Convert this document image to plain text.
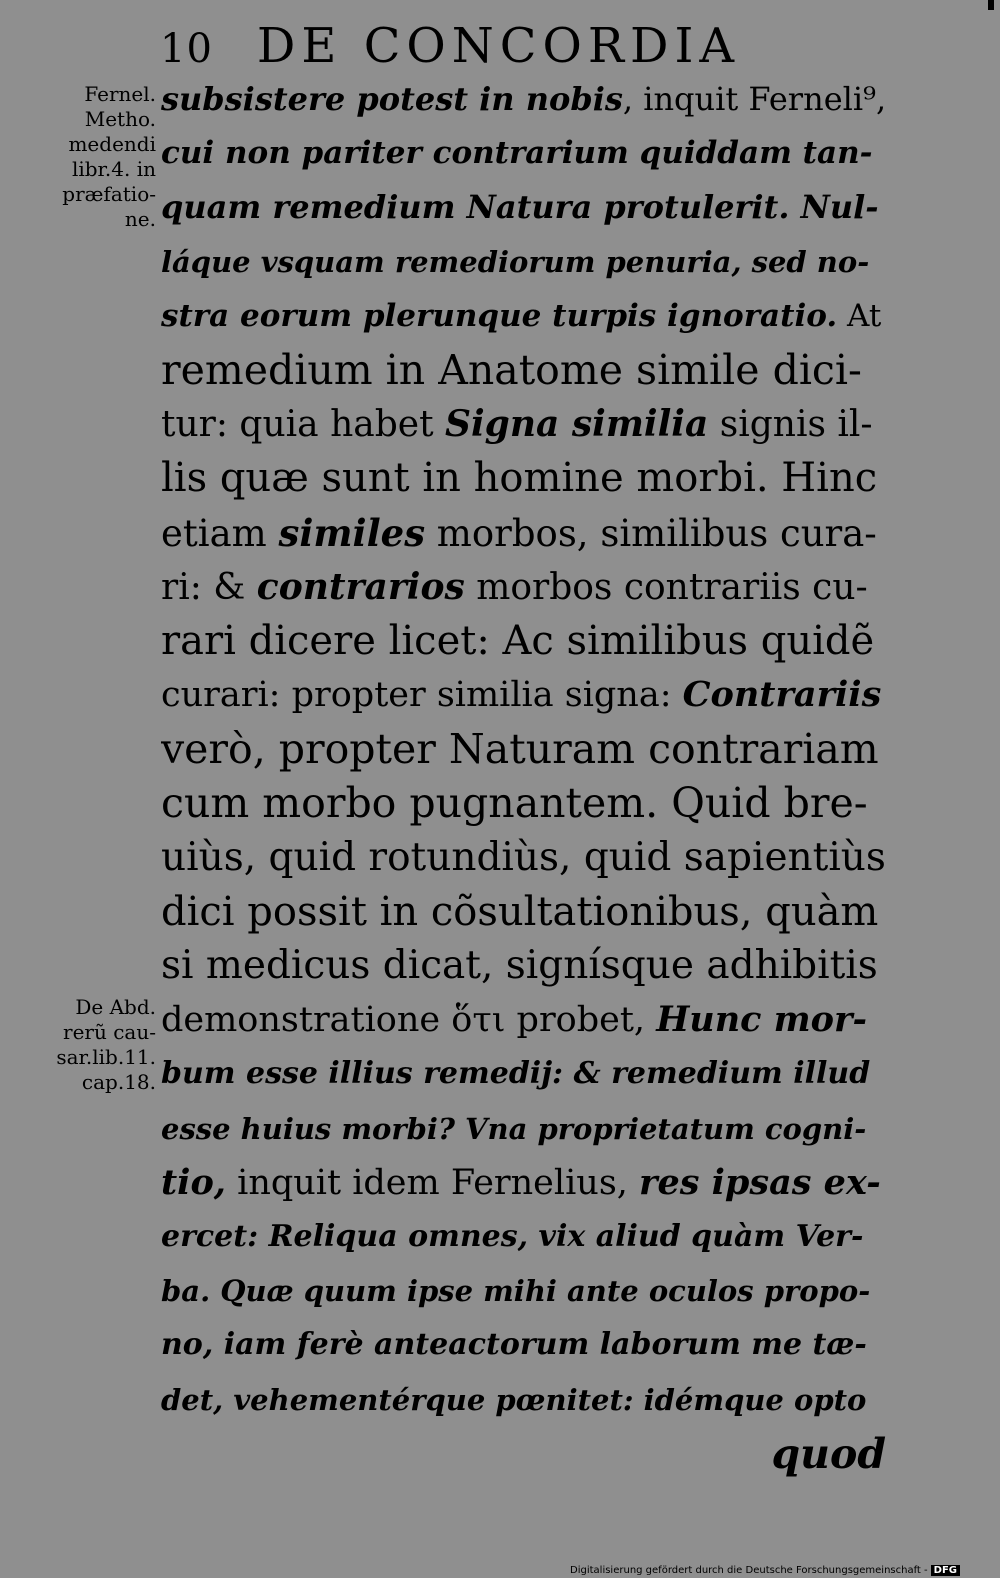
10 DE CONCORDIA
Fernel.
Metho.
medendi
libr.4. in
præfatio-
ne.
De Abd.
rerũ cau-
sar.lib.11.
cap.18.
subsistere potest in nobis, inquit Ferneli⁹,
cui non pariter contrarium quiddam tan-
quam remedium Natura protulerit. Nul-
láque vsquam remediorum penuria, sed no-
stra eorum plerunque turpis ignoratio. At
remedium in Anatome simile dici-
tur: quia habet Signa similia signis il-
lis quæ sunt in homine morbi. Hinc
etiam similes morbos, similibus cura-
ri: & contrarios morbos contrariis cu-
rari dicere licet: Ac similibus quidẽ
curari: propter similia signa: Contrariis
verò, propter Naturam contrariam
cum morbo pugnantem. Quid bre-
uiùs, quid rotundiùs, quid sapientiùs
dici possit in cõsultationibus, quàm
si medicus dicat, signísque adhibitis
demonstratione ὅτι probet, Hunc mor-
bum esse illius remedij: & remedium illud
esse huius morbi? Vna proprietatum cogni-
tio, inquit idem Fernelius, res ipsas ex-
ercet: Reliqua omnes, vix aliud quàm Ver-
ba. Quæ quum ipse mihi ante oculos propo-
no, iam ferè anteactorum laborum me tæ-
det, vehementérque pœnitet: idémque opto
quod
Digitalisierung gefördert durch die Deutsche Forschungsgemeinschaft - DFG
